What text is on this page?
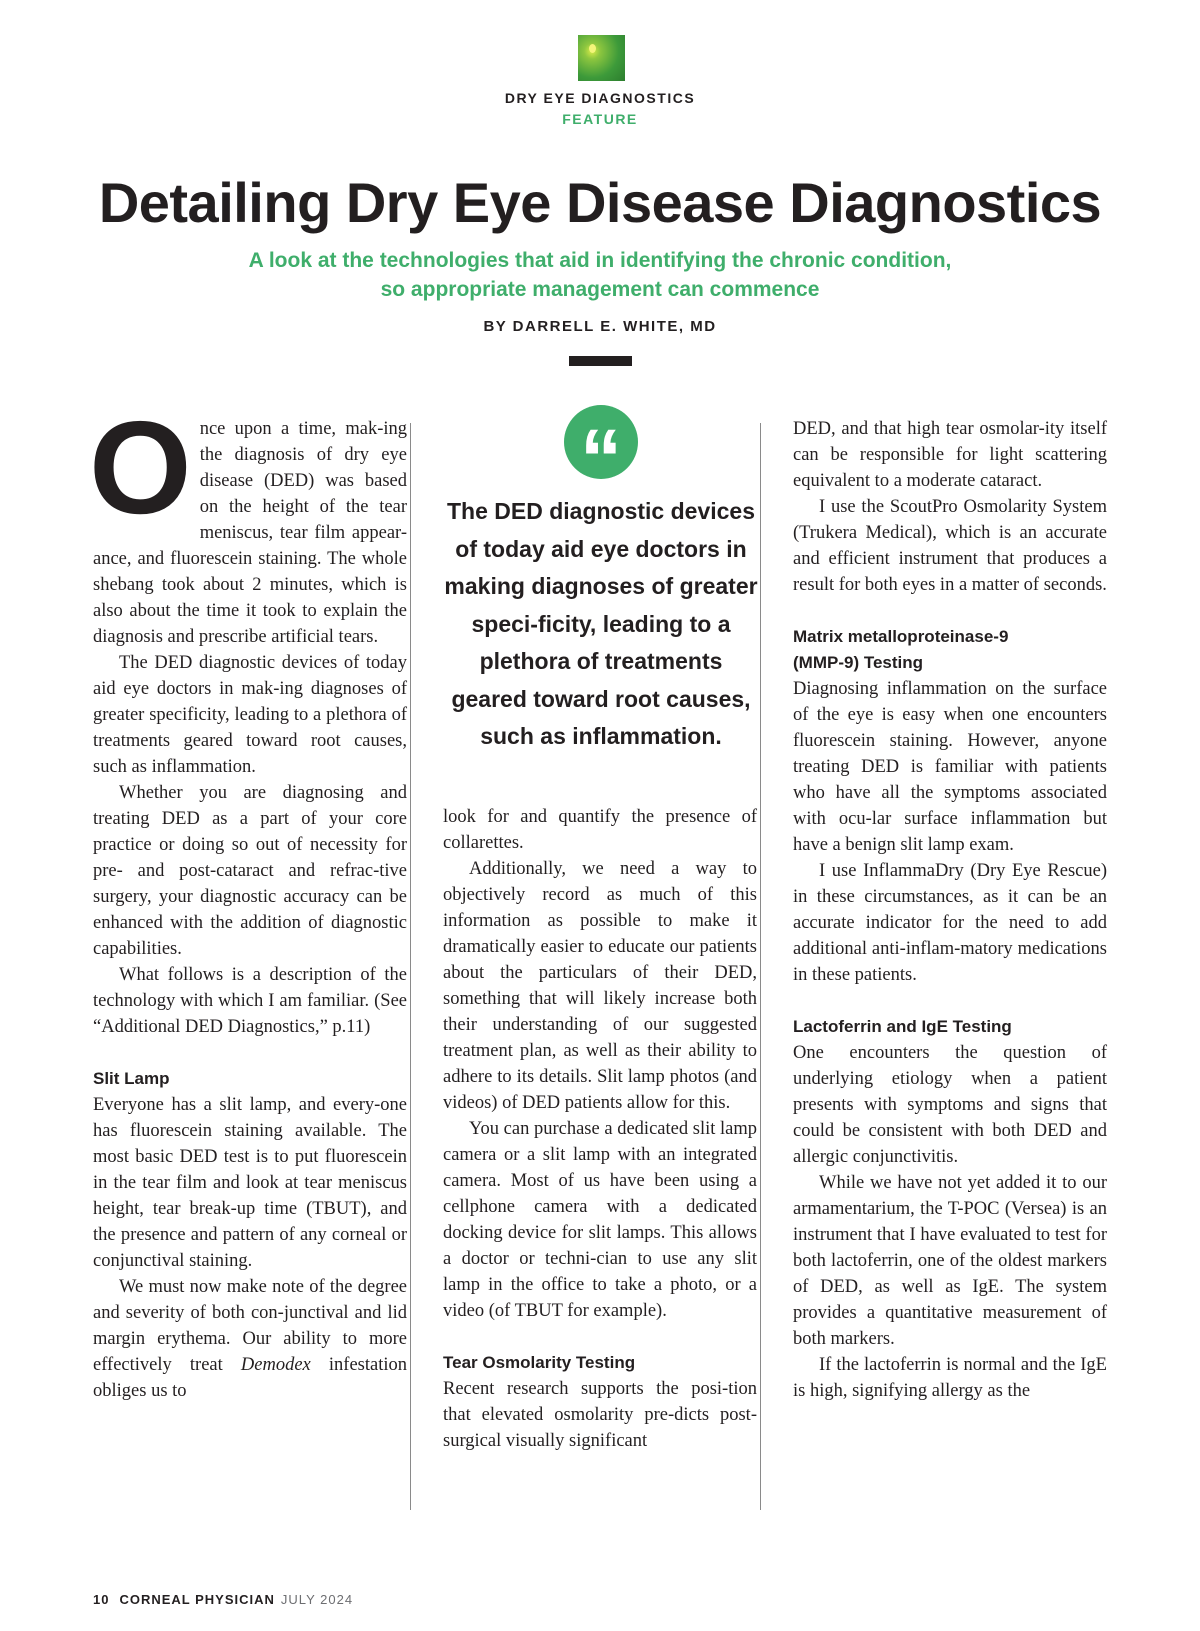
DRY EYE DIAGNOSTICS
FEATURE
Detailing Dry Eye Disease Diagnostics
A look at the technologies that aid in identifying the chronic condition,
so appropriate management can commence
BY DARRELL E. WHITE, MD

Once upon a time, mak-ing the diagnosis of dry eye disease (DED) was based on the height of the tear meniscus, tear film appear-ance, and fluorescein staining. The whole shebang took about 2 minutes, which is also about the time it took to explain the diagnosis and prescribe artificial tears.

The DED diagnostic devices of today aid eye doctors in mak-ing diagnoses of greater specificity, leading to a plethora of treatments geared toward root causes, such as inflammation.

Whether you are diagnosing and treating DED as a part of your core practice or doing so out of necessity for pre- and post-cataract and refrac-tive surgery, your diagnostic accuracy can be enhanced with the addition of diagnostic capabilities.

What follows is a description of the technology with which I am familiar. (See “Additional DED Diagnostics,” p.11)

Slit Lamp

Everyone has a slit lamp, and every-one has fluorescein staining available. The most basic DED test is to put fluorescein in the tear film and look at tear meniscus height, tear break-up time (TBUT), and the presence and pattern of any corneal or conjunctival staining.

We must now make note of the degree and severity of both con-junctival and lid margin erythema. Our ability to more effectively treat Demodex infestation obliges us to

“
The DED diagnostic devices of today aid eye doctors in making diagnoses of greater speci-ficity, leading to a plethora of treatments geared toward root causes, such as inflammation.

look for and quantify the presence of collarettes.

Additionally, we need a way to objectively record as much of this information as possible to make it dramatically easier to educate our patients about the particulars of their DED, something that will likely increase both their understanding of our suggested treatment plan, as well as their ability to adhere to its details. Slit lamp photos (and videos) of DED patients allow for this.

You can purchase a dedicated slit lamp camera or a slit lamp with an integrated camera. Most of us have been using a cellphone camera with a dedicated docking device for slit lamps. This allows a doctor or techni-cian to use any slit lamp in the office to take a photo, or a video (of TBUT for example).

Tear Osmolarity Testing

Recent research supports the posi-tion that elevated osmolarity pre-dicts post-surgical visually significant

DED, and that high tear osmolar-ity itself can be responsible for light scattering equivalent to a moderate cataract.

I use the ScoutPro Osmolarity System (Trukera Medical), which is an accurate and efficient instrument that produces a result for both eyes in a matter of seconds.

Matrix metalloproteinase-9
(MMP-9) Testing

Diagnosing inflammation on the surface of the eye is easy when one encounters fluorescein staining. However, anyone treating DED is familiar with patients who have all the symptoms associated with ocu-lar surface inflammation but have a benign slit lamp exam.

I use InflammaDry (Dry Eye Rescue) in these circumstances, as it can be an accurate indicator for the need to add additional anti-inflam-matory medications in these patients.

Lactoferrin and IgE Testing

One encounters the question of underlying etiology when a patient presents with symptoms and signs that could be consistent with both DED and allergic conjunctivitis.

While we have not yet added it to our armamentarium, the T-POC (Versea) is an instrument that I have evaluated to test for both lactoferrin, one of the oldest markers of DED, as well as IgE. The system provides a quantitative measurement of both markers.

If the lactoferrin is normal and the IgE is high, signifying allergy as the

10 CORNEAL PHYSICIAN JULY 2024
